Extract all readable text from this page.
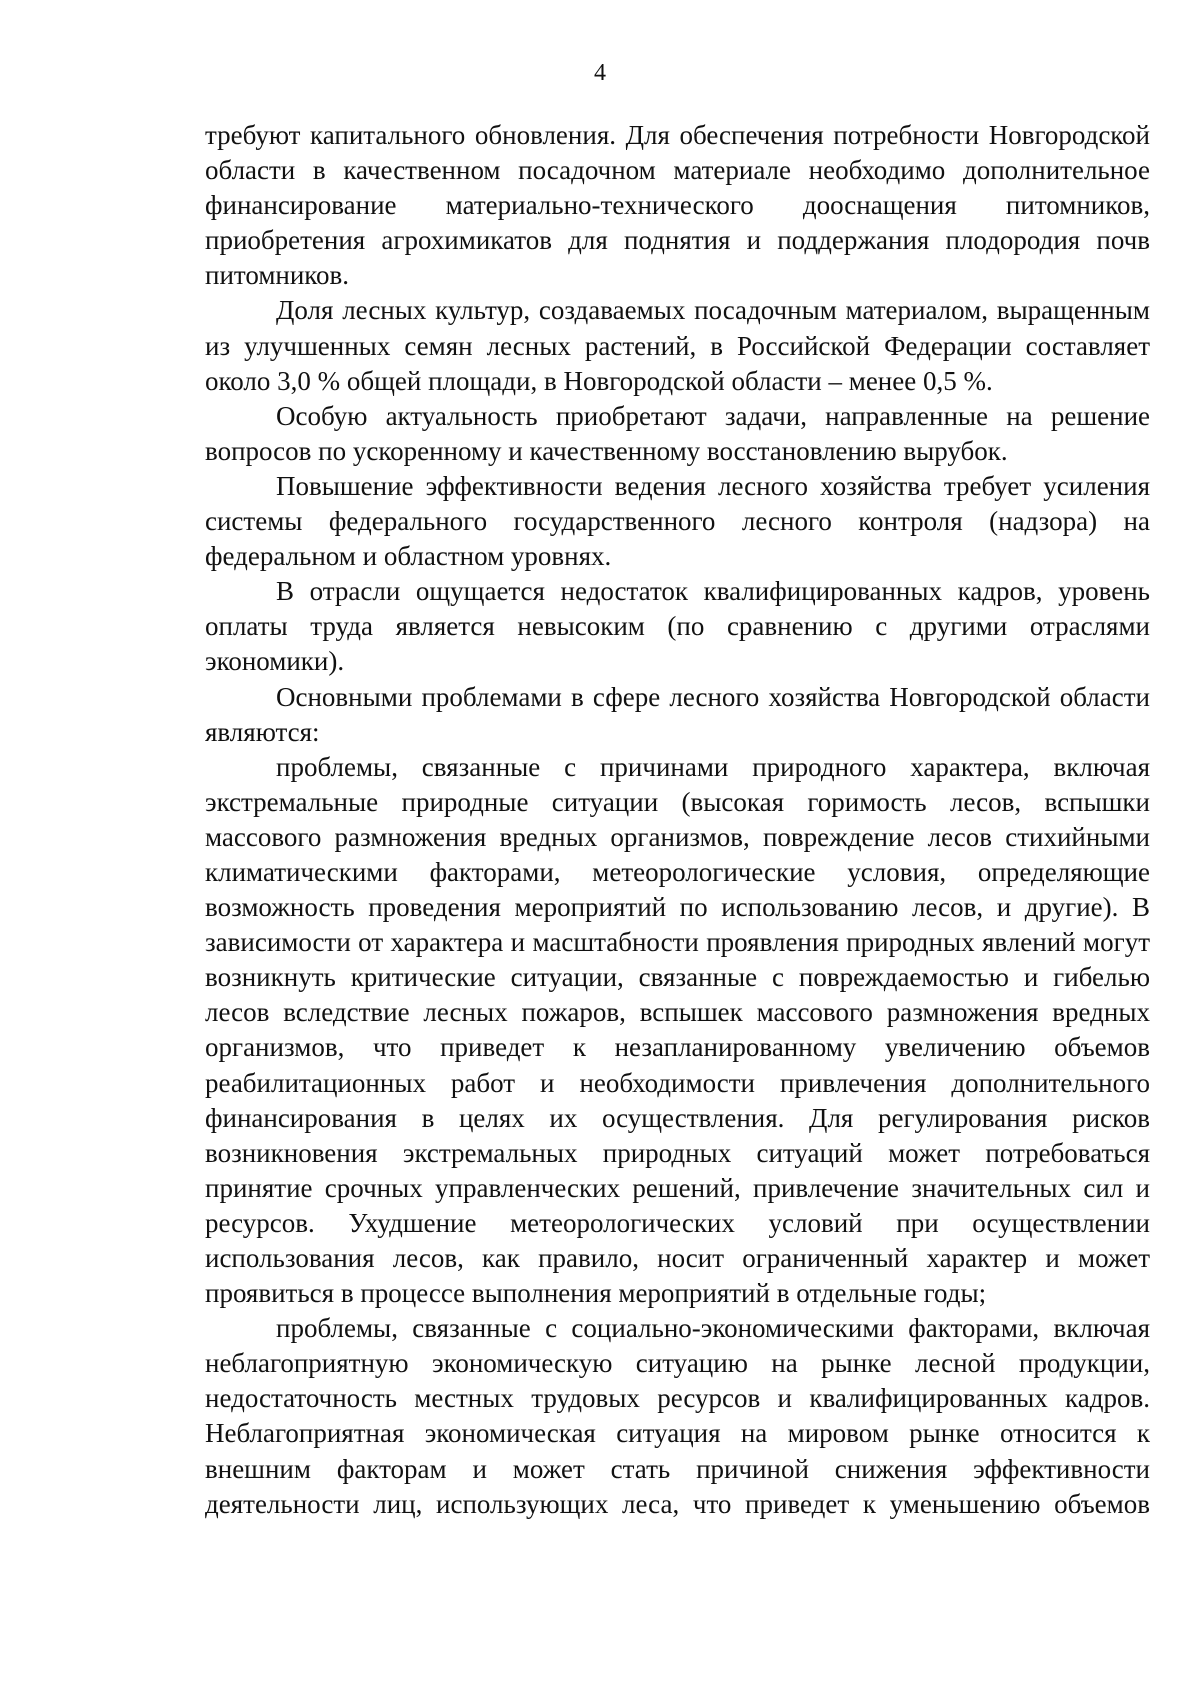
4

требуют капитального обновления. Для обеспечения потребности Новгородской области в качественном посадочном материале необходимо дополнительное финансирование материально-технического дооснащения питомников, приобретения агрохимикатов для поднятия и поддержания плодородия почв питомников.

Доля лесных культур, создаваемых посадочным материалом, выращенным из улучшенных семян лесных растений, в Российской Федерации составляет около 3,0 % общей площади, в Новгородской области – менее 0,5 %.

Особую актуальность приобретают задачи, направленные на решение вопросов по ускоренному и качественному восстановлению вырубок.

Повышение эффективности ведения лесного хозяйства требует усиления системы федерального государственного лесного контроля (надзора) на федеральном и областном уровнях.

В отрасли ощущается недостаток квалифицированных кадров, уровень оплаты труда является невысоким (по сравнению с другими отраслями экономики).

Основными проблемами в сфере лесного хозяйства Новгородской области являются:

проблемы, связанные с причинами природного характера, включая экстремальные природные ситуации (высокая горимость лесов, вспышки массового размножения вредных организмов, повреждение лесов стихийными климатическими факторами, метеорологические условия, определяющие возможность проведения мероприятий по использованию лесов, и другие). В зависимости от характера и масштабности проявления природных явлений могут возникнуть критические ситуации, связанные с повреждаемостью и гибелью лесов вследствие лесных пожаров, вспышек массового размножения вредных организмов, что приведет к незапланированному увеличению объемов реабилитационных работ и необходимости привлечения дополнительного финансирования в целях их осуществления. Для регулирования рисков возникновения экстремальных природных ситуаций может потребоваться принятие срочных управленческих решений, привлечение значительных сил и ресурсов. Ухудшение метеорологических условий при осуществлении использования лесов, как правило, носит ограниченный характер и может проявиться в процессе выполнения мероприятий в отдельные годы;

проблемы, связанные с социально-экономическими факторами, включая неблагоприятную экономическую ситуацию на рынке лесной продукции, недостаточность местных трудовых ресурсов и квалифицированных кадров. Неблагоприятная экономическая ситуация на мировом рынке относится к внешним факторам и может стать причиной снижения эффективности деятельности лиц, использующих леса, что приведет к уменьшению объемов
